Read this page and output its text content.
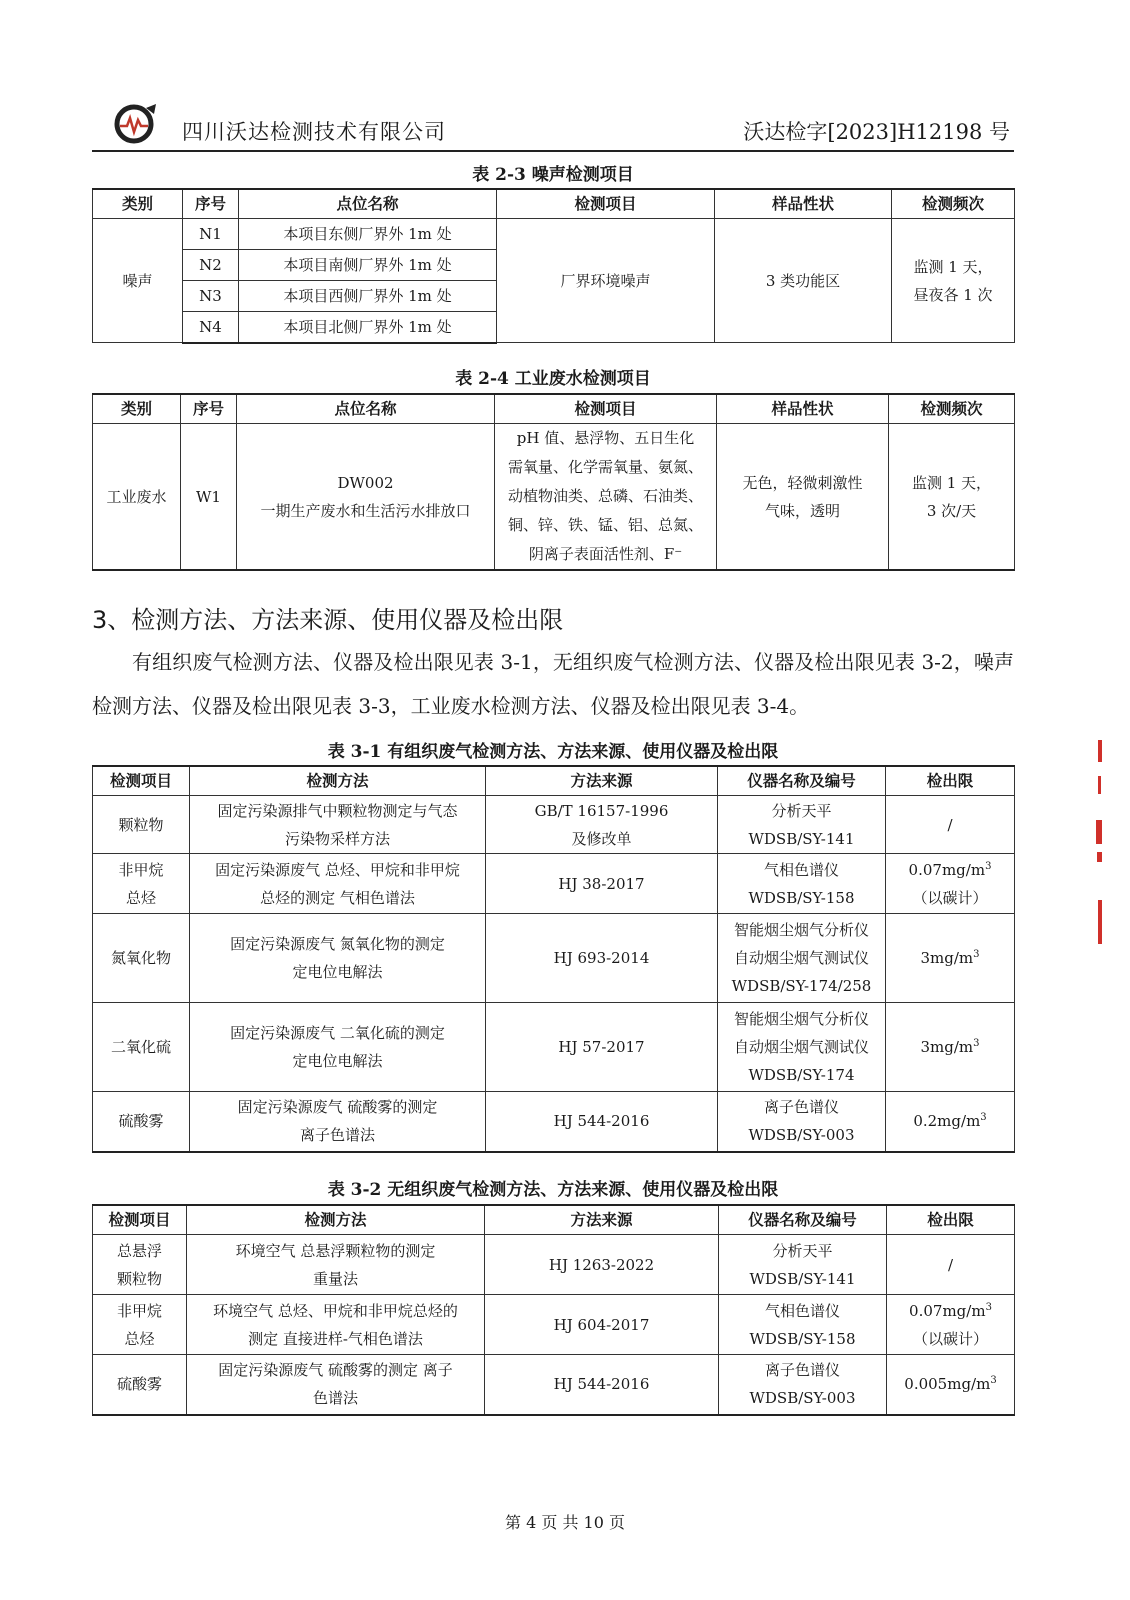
四川沃达检测技术有限公司	沃达检字[2023]H12198 号
表 2-3 噪声检测项目
类别	序号	点位名称	检测项目	样品性状	检测频次
噪声	N1	本项目东侧厂界外 1m 处	厂界环境噪声	3 类功能区	监测 1 天，
昼夜各 1 次

	N2	本项目南侧厂界外 1m 处			
	N3	本项目西侧厂界外 1m 处			
	N4	本项目北侧厂界外 1m 处			
表 2-4 工业废水检测项目
类别	序号	点位名称	检测项目	样品性状	检测频次
工业废水	W1	DW002
一期生产废水和生活污水排放口	pH 值、悬浮物、五日生化
需氧量、化学需氧量、氨氮、
动植物油类、总磷、石油类、
铜、锌、铁、锰、铝、总氮、
阴离子表面活性剂、F⁻	无色，轻微刺激性
气味，透明	监测 1 天，
3 次/天
3、检测方法、方法来源、使用仪器及检出限
有组织废气检测方法、仪器及检出限见表 3-1，无组织废气检测方法、仪器及检出限见表 3-2，噪声检测方法、仪器及检出限见表 3-3，工业废水检测方法、仪器及检出限见表 3-4。
表 3-1 有组织废气检测方法、方法来源、使用仪器及检出限
检测项目	检测方法	方法来源	仪器名称及编号	检出限

颗粒物	固定污染源排气中颗粒物测定与气态
污染物采样方法	GB/T 16157-1996
及修改单	分析天平
WDSB/SY-141	/

非甲烷
总烃	固定污染源废气 总烃、甲烷和非甲烷
总烃的测定 气相色谱法	HJ 38-2017	气相色谱仪
WDSB/SY-158	$0.07mg/m^3$
（以碳计）

氮氧化物	固定污染源废气 氮氧化物的测定
定电位电解法	HJ 693-2014	智能烟尘烟气分析仪
自动烟尘烟气测试仪
WDSB/SY-174/258	$3mg/m^3$

二氧化硫	固定污染源废气 二氧化硫的测定
定电位电解法	HJ 57-2017	智能烟尘烟气分析仪
自动烟尘烟气测试仪
WDSB/SY-174	$3mg/m^3$

硫酸雾	固定污染源废气 硫酸雾的测定
离子色谱法	HJ 544-2016	离子色谱仪
WDSB/SY-003	$0.2mg/m^3$
表 3-2 无组织废气检测方法、方法来源、使用仪器及检出限
检测项目	检测方法	方法来源	仪器名称及编号	检出限

总悬浮
颗粒物	环境空气 总悬浮颗粒物的测定
重量法	HJ 1263-2022	分析天平
WDSB/SY-141	/

非甲烷
总烃	环境空气 总烃、甲烷和非甲烷总烃的
测定 直接进样-气相色谱法	HJ 604-2017	气相色谱仪
WDSB/SY-158	$0.07mg/m^3$
（以碳计）

硫酸雾	固定污染源废气 硫酸雾的测定 离子
色谱法	HJ 544-2016	离子色谱仪
WDSB/SY-003	$0.005mg/m^3$
第 4 页 共 10 页
